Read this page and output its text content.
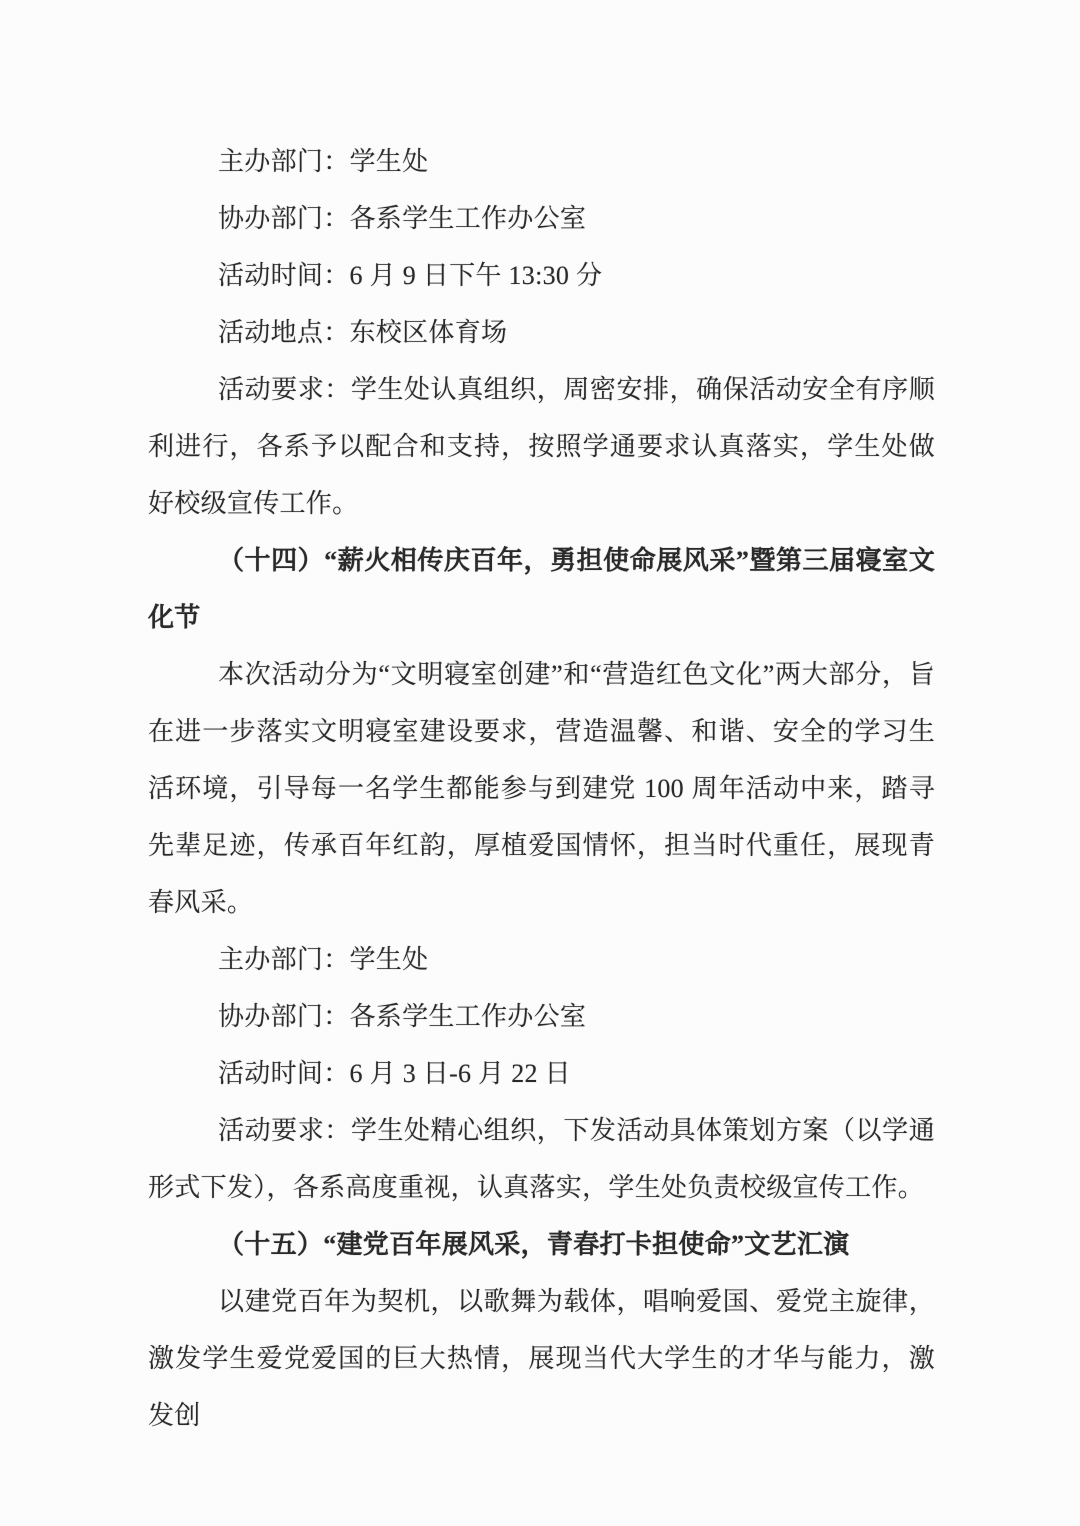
主办部门：学生处

协办部门：各系学生工作办公室

活动时间：6 月 9 日下午 13:30 分

活动地点：东校区体育场

活动要求：学生处认真组织，周密安排，确保活动安全有序顺利进行，各系予以配合和支持，按照学通要求认真落实，学生处做好校级宣传工作。

（十四）“薪火相传庆百年，勇担使命展风采”暨第三届寝室文化节

本次活动分为“文明寝室创建”和“营造红色文化”两大部分，旨在进一步落实文明寝室建设要求，营造温馨、和谐、安全的学习生活环境，引导每一名学生都能参与到建党 100 周年活动中来，踏寻先辈足迹，传承百年红韵，厚植爱国情怀，担当时代重任，展现青春风采。

主办部门：学生处

协办部门：各系学生工作办公室

活动时间：6 月 3 日-6 月 22 日

活动要求：学生处精心组织，下发活动具体策划方案（以学通形式下发），各系高度重视，认真落实，学生处负责校级宣传工作。

（十五）“建党百年展风采，青春打卡担使命”文艺汇演

以建党百年为契机，以歌舞为载体，唱响爱国、爱党主旋律，激发学生爱党爱国的巨大热情，展现当代大学生的才华与能力，激发创
